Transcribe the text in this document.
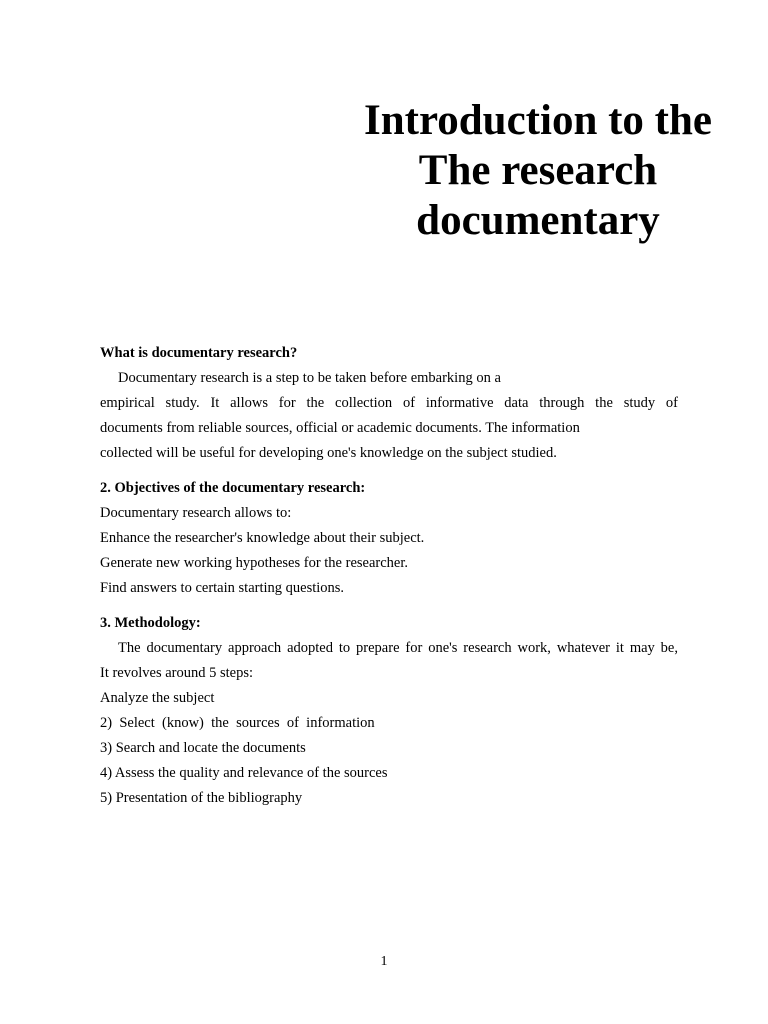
Introduction to the
The research
documentary
What is documentary research?
Documentary research is a step to be taken before embarking on a
empirical study. It allows for the collection of informative data through the study of
documents from reliable sources, official or academic documents. The information
collected will be useful for developing one's knowledge on the subject studied.
2. Objectives of the documentary research:
Documentary research allows to:
Enhance the researcher's knowledge about their subject.
Generate new working hypotheses for the researcher.
Find answers to certain starting questions.
3. Methodology:
The documentary approach adopted to prepare for one's research work, whatever it may be,
It revolves around 5 steps:
Analyze the subject
2)  Select  (know)  the  sources  of  information
3) Search and locate the documents
4) Assess the quality and relevance of the sources
5) Presentation of the bibliography
1
